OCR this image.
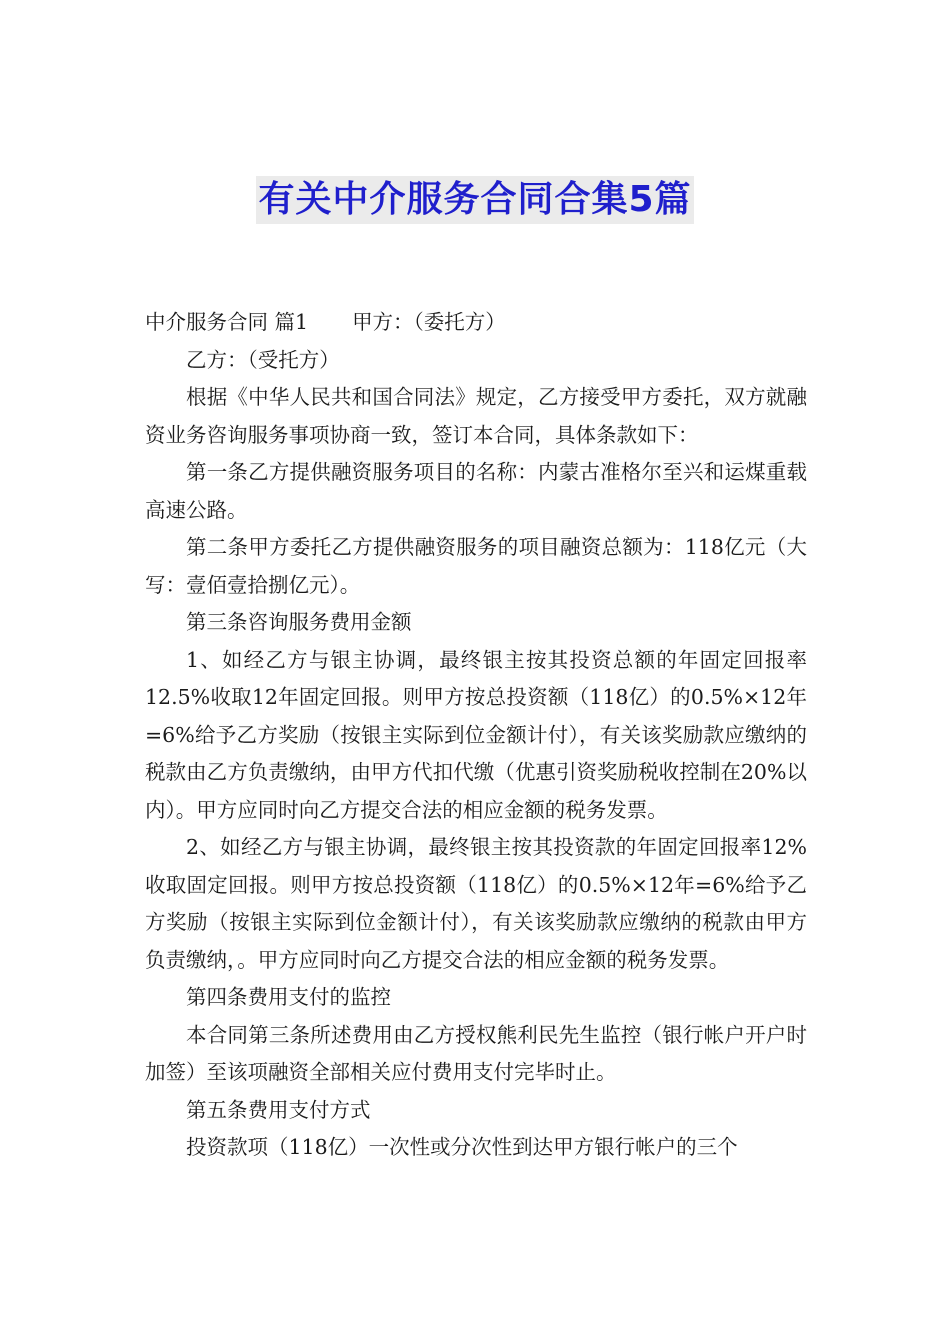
有关中介服务合同合集5篇

中介服务合同 篇1 甲方：（委托方）

乙方：（受托方）

根据《中华人民共和国合同法》规定，乙方接受甲方委托，双方就融资业务咨询服务事项协商一致，签订本合同，具体条款如下：

第一条乙方提供融资服务项目的名称：内蒙古准格尔至兴和运煤重载高速公路。

第二条甲方委托乙方提供融资服务的项目融资总额为：118亿元（大写：壹佰壹拾捌亿元）。

第三条咨询服务费用金额

1、如经乙方与银主协调，最终银主按其投资总额的年固定回报率12.5%收取12年固定回报。则甲方按总投资额（118亿）的0.5%×12年=6%给予乙方奖励（按银主实际到位金额计付），有关该奖励款应缴纳的税款由乙方负责缴纳，由甲方代扣代缴（优惠引资奖励税收控制在20%以内）。甲方应同时向乙方提交合法的相应金额的税务发票。

2、如经乙方与银主协调，最终银主按其投资款的年固定回报率12%收取固定回报。则甲方按总投资额（118亿）的0.5%×12年=6%给予乙方奖励（按银主实际到位金额计付），有关该奖励款应缴纳的税款由甲方负责缴纳，。甲方应同时向乙方提交合法的相应金额的税务发票。

第四条费用支付的监控

本合同第三条所述费用由乙方授权熊利民先生监控（银行帐户开户时加签）至该项融资全部相关应付费用支付完毕时止。

第五条费用支付方式

投资款项（118亿）一次性或分次性到达甲方银行帐户的三个
